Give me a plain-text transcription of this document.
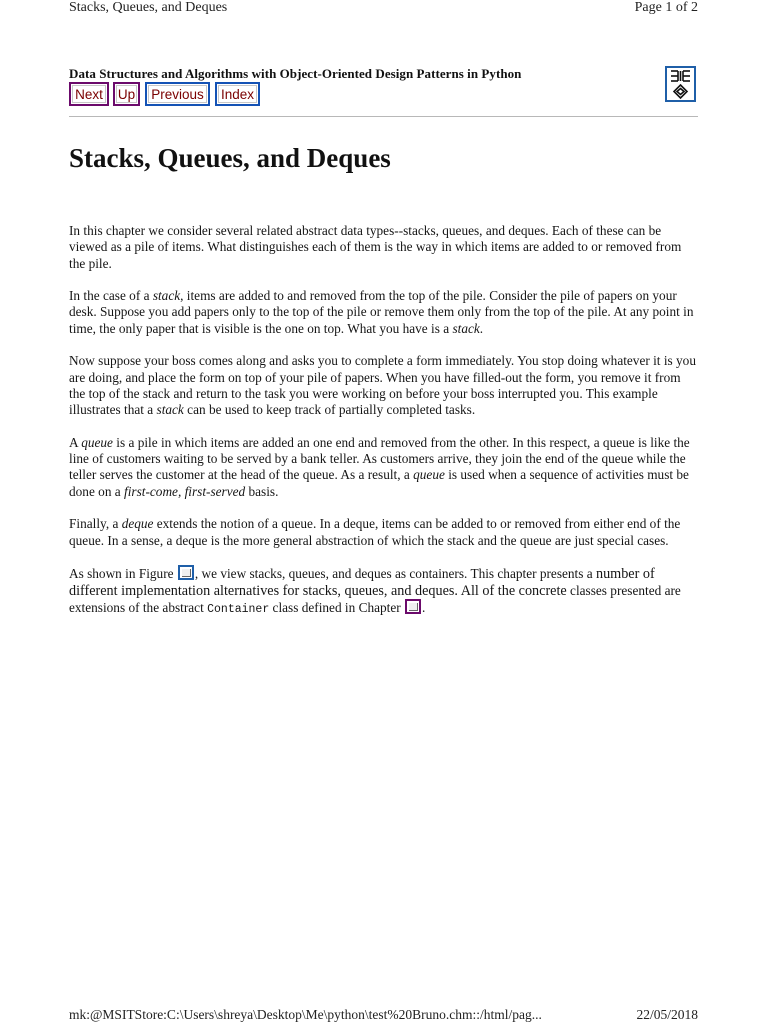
Stacks, Queues, and Deques	Page 1 of 2
Data Structures and Algorithms with Object-Oriented Design Patterns in Python
Next	Up	Previous	Index
Stacks, Queues, and Deques

In this chapter we consider several related abstract data types--stacks, queues, and deques. Each of these can be viewed as a pile of items. What distinguishes each of them is the way in which items are added to or removed from the pile.

In the case of a stack, items are added to and removed from the top of the pile. Consider the pile of papers on your desk. Suppose you add papers only to the top of the pile or remove them only from the top of the pile. At any point in time, the only paper that is visible is the one on top. What you have is a stack.

Now suppose your boss comes along and asks you to complete a form immediately. You stop doing whatever it is you are doing, and place the form on top of your pile of papers. When you have filled-out the form, you remove it from the top of the stack and return to the task you were working on before your boss interrupted you. This example illustrates that a stack can be used to keep track of partially completed tasks.

A queue is a pile in which items are added an one end and removed from the other. In this respect, a queue is like the line of customers waiting to be served by a bank teller. As customers arrive, they join the end of the queue while the teller serves the customer at the head of the queue. As a result, a queue is used when a sequence of activities must be done on a first-come, first-served basis.

Finally, a deque extends the notion of a queue. In a deque, items can be added to or removed from either end of the queue. In a sense, a deque is the more general abstraction of which the stack and the queue are just special cases.

As shown in Figure , we view stacks, queues, and deques as containers. This chapter presents a number of different implementation alternatives for stacks, queues, and deques. All of the concrete classes presented are extensions of the abstract Container class defined in Chapter .

mk:@MSITStore:C:\Users\shreya\Desktop\Me\python\test%20Bruno.chm::/html/pag...	22/05/2018
